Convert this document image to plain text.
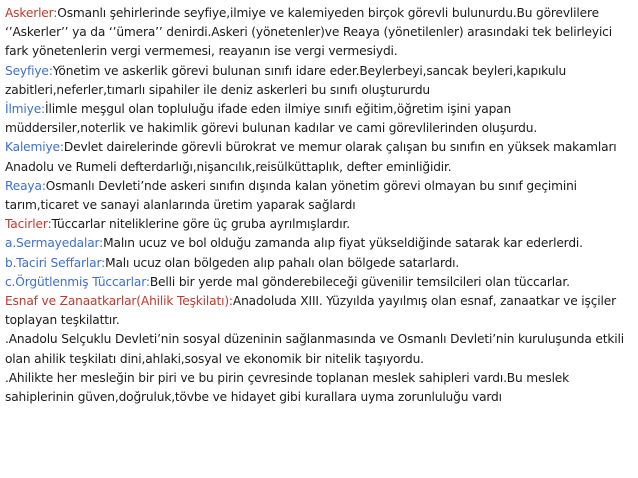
Askerler:Osmanlı şehirlerinde seyfiye,ilmiye ve kalemiyeden birçok görevli bulunurdu.Bu görevlilere ‘’Askerler’’ ya da ‘’ümera’’ denirdi.Askeri (yönetenler)ve Reaya (yönetilenler) arasındaki tek belirleyici fark yönetenlerin vergi vermemesi, reayanın ise vergi vermesiydi.

Seyfiye:Yönetim ve askerlik görevi bulunan sınıfı idare eder.Beylerbeyi,sancak beyleri,kapıkulu zabitleri,neferler,tımarlı sipahiler ile deniz askerleri bu sınıfı oluştururdu

İlmiye:İlimle meşgul olan topluluğu ifade eden ilmiye sınıfı eğitim,öğretim işini yapan müddersiler,noterlik ve hakimlik görevi bulunan kadılar ve cami görevlilerinden oluşurdu.

Kalemiye:Devlet dairelerinde görevli bürokrat ve memur olarak çalışan bu sınıfın en yüksek makamları Anadolu ve Rumeli defterdarlığı,nişancılık,reisülküttaplık, defter eminliğidir.

Reaya:Osmanlı Devleti’nde askeri sınıfın dışında kalan yönetim görevi olmayan bu sınıf geçimini tarım,ticaret ve sanayi alanlarında üretim yaparak sağlardı

Tacirler:Tüccarlar niteliklerine göre üç gruba ayrılmışlardır.

a.Sermayedalar:Malın ucuz ve bol olduğu zamanda alıp fiyat yükseldiğinde satarak kar ederlerdi.

b.Taciri Seffarlar:Malı ucuz olan bölgeden alıp pahalı olan bölgede satarlardı.

c.Örgütlenmiş Tüccarlar:Belli bir yerde mal gönderebileceği güvenilir temsilcileri olan tüccarlar.

Esnaf ve Zanaatkarlar(Ahilik Teşkilatı):Anadoluda XIII. Yüzyılda yayılmış olan esnaf, zanaatkar ve işçiler toplayan teşkilattır.

.Anadolu Selçuklu Devleti’nin sosyal düzeninin sağlanmasında ve Osmanlı Devleti’nin kuruluşunda etkili olan ahilik teşkilatı dini,ahlaki,sosyal ve ekonomik bir nitelik taşıyordu.

.Ahilikte her mesleğin bir piri ve bu pirin çevresinde toplanan meslek sahipleri vardı.Bu meslek sahiplerinin güven,doğruluk,tövbe ve hidayet gibi kurallara uyma zorunluluğu vardı
